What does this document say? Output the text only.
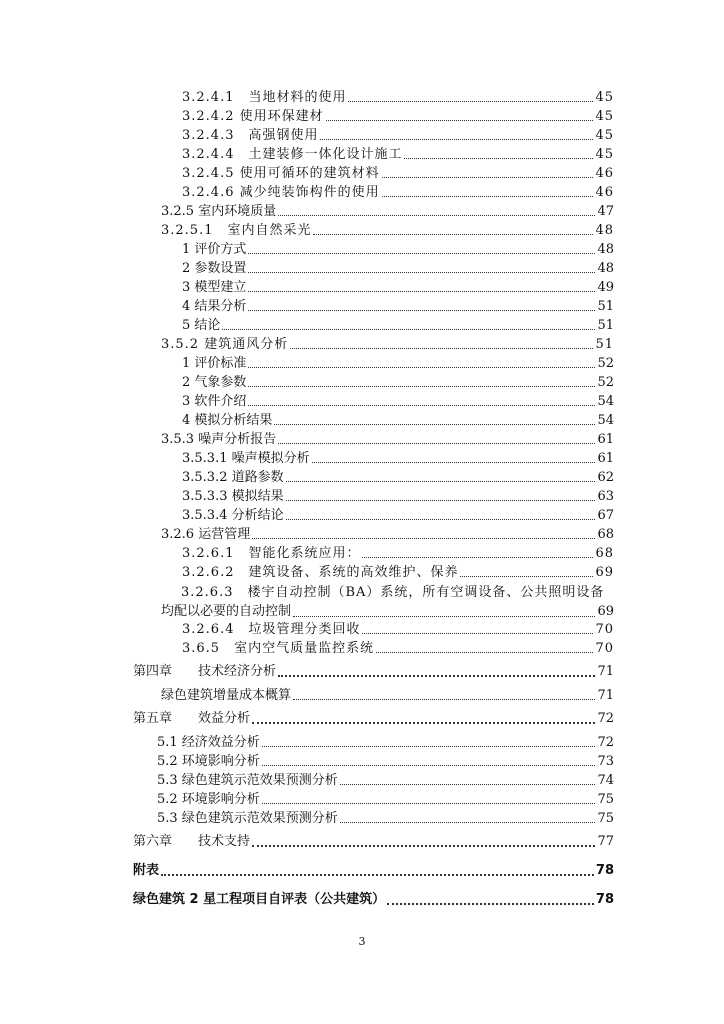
3.2.4.1　当地材料的使用	45
3.2.4.2 使用环保建材	45
3.2.4.3　高强钢使用	45
3.2.4.4　土建装修一体化设计施工	45
3.2.4.5 使用可循环的建筑材料	46
3.2.4.6 减少纯装饰构件的使用	46
3.2.5 室内环境质量	47
3.2.5.1　室内自然采光	48
1 评价方式	48
2 参数设置	48
3 模型建立	49
4 结果分析	51
5 结论	51
3.5.2 建筑通风分析	51
1 评价标准	52
2 气象参数	52
3 软件介绍	54
4 模拟分析结果	54
3.5.3 噪声分析报告	61
3.5.3.1 噪声模拟分析	61
3.5.3.2 道路参数	62
3.5.3.3 模拟结果	63
3.5.3.4 分析结论	67
3.2.6 运营管理	68
3.2.6.1　智能化系统应用：	68
3.2.6.2　建筑设备、系统的高效维护、保养	69
3.2.6.3　楼宇自动控制（BA）系统，所有空调设备、公共照明设备
均配以必要的自动控制	69
3.2.6.4　垃圾管理分类回收	70
3.6.5　室内空气质量监控系统	70
第四章　　技术经济分析	71
绿色建筑增量成本概算	71
第五章　　效益分析	72
5.1 经济效益分析	72
5.2 环境影响分析	73
5.3 绿色建筑示范效果预测分析	74
5.2 环境影响分析	75
5.3 绿色建筑示范效果预测分析	75
第六章　　技术支持	77
附表	78
绿色建筑 2 星工程项目自评表（公共建筑）	78
3
